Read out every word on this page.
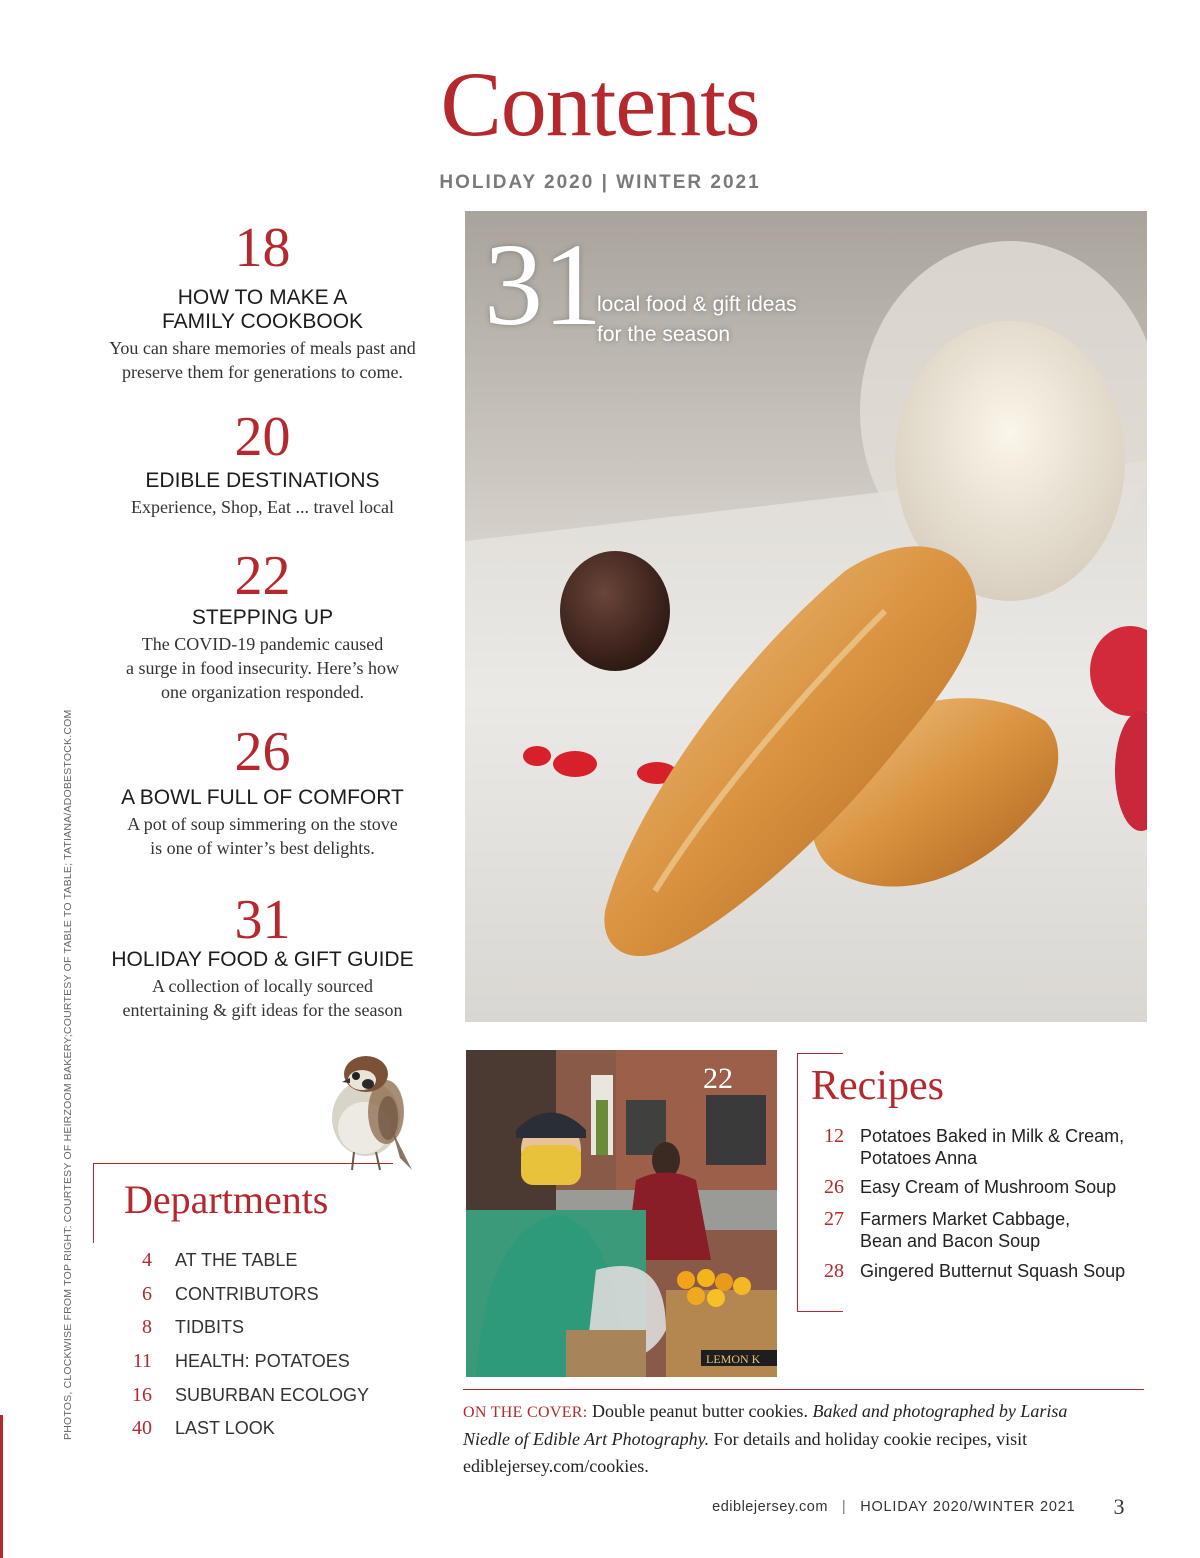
Contents
HOLIDAY 2020 | WINTER 2021
18
HOW TO MAKE A
FAMILY COOKBOOK
You can share memories of meals past and
preserve them for generations to come.
20
EDIBLE DESTINATIONS
Experience, Shop, Eat ... travel local
22
STEPPING UP
The COVID-19 pandemic caused
a surge in food insecurity. Here’s how
one organization responded.
26
A BOWL FULL OF COMFORT
A pot of soup simmering on the stove
is one of winter’s best delights.
31
HOLIDAY FOOD & GIFT GUIDE
A collection of locally sourced
entertaining & gift ideas for the season
PHOTOS, CLOCKWISE FROM TOP RIGHT: COURTESY OF HEIRZOOM BAKERY;COURTESY OF TABLE TO TABLE; TATIANA/ADOBESTOCK.COM Departments
4 AT THE TABLE
6 CONTRIBUTORS
8 TIDBITS
11 HEALTH: POTATOES
16 SUBURBAN ECOLOGY
40 LAST LOOK
31
local food & gift ideas
for the season
LEMON K
22 Recipes
12 Potatoes Baked in Milk & Cream,
Potatoes Anna
26 Easy Cream of Mushroom Soup
27 Farmers Market Cabbage,
Bean and Bacon Soup
28 Gingered Butternut Squash Soup

ON THE COVER: Double peanut butter cookies. Baked and photographed by Larisa Niedle of Edible Art Photography. For details and holiday cookie recipes, visit ediblejersey.com/cookies.

ediblejersey.com | HOLIDAY 2020/WINTER 2021 3
